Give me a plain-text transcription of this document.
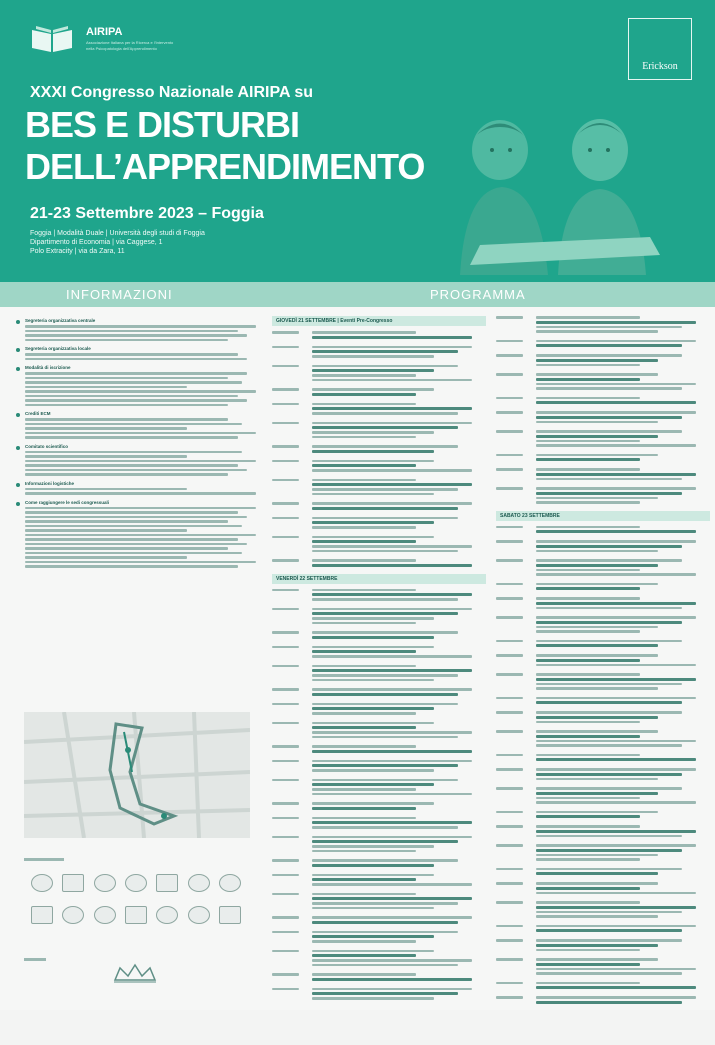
AIRIPA
Associazione Italiana per la Ricerca e l'Intervento
nella Psicopatologia dell'Apprendimento
Erickson
XXXI Congresso Nazionale AIRIPA su
BES E DISTURBI
DELL’APPRENDIMENTO
21-23 Settembre 2023 – Foggia
Foggia | Modalità Duale | Università degli studi di Foggia
Dipartimento di Economia | via Caggese, 1
Polo Extracity | via da Zara, 11
INFORMAZIONI	PROGRAMMA
Segreteria organizzativa centrale
Segreteria organizzativa locale
Modalità di iscrizione
Crediti ECM
Comitato scientifico
Informazioni logistiche
Come raggiungere le sedi congressuali
GIOVEDÌ 21 SETTEMBRE | Eventi Pre-Congresso
VENERDÌ 22 SETTEMBRE
SABATO 23 SETTEMBRE
